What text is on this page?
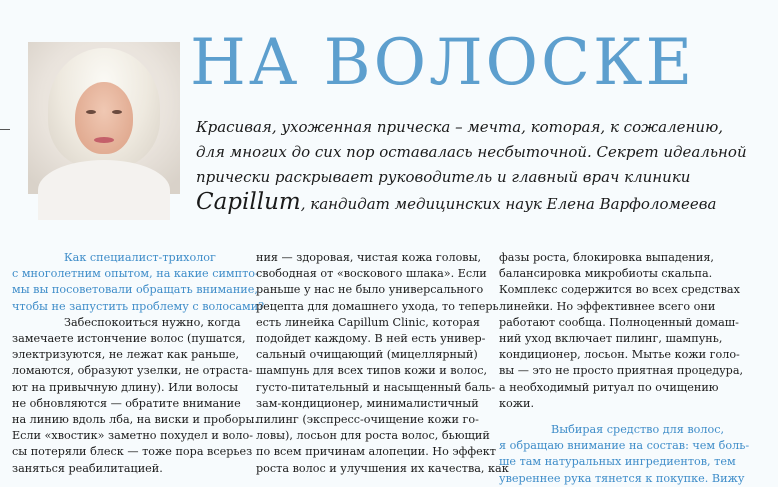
НА ВОЛОСКЕ

Красивая, ухоженная прическа – мечта, которая, к сожалению,
для многих до сих пор оставалась несбыточной. Секрет идеальной
прически раскрывает руководитель и главный врач клиники
Capillum, кандидат медицинских наук Елена Варфоломеева

Как специалист-трихолог
с многолетним опытом, на какие симпто-
мы вы посоветовали обращать внимание,
чтобы не запустить проблему с волосами?
Забеспокоиться нужно, когда
замечаете истончение волос (пушатся,
электризуются, не лежат как раньше,
ломаются, образуют узелки, не отраста-
ют на привычную длину). Или волосы
не обновляются — обратите внимание
на линию вдоль лба, на виски и проборы.
Если «хвостик» заметно похудел и воло-
сы потеряли блеск — тоже пора всерьез
заняться реабилитацией.
ния — здоровая, чистая кожа головы,
свободная от «воскового шлака». Если
раньше у нас не было универсального
рецепта для домашнего ухода, то теперь
есть линейка Capillum Clinic, которая
подойдет каждому. В ней есть универ-
сальный очищающий (мицеллярный)
шампунь для всех типов кожи и волос,
густо-питательный и насыщенный баль-
зам-кондиционер, минималистичный
пилинг (экспресс-очищение кожи го-
ловы), лосьон для роста волос, бьющий
по всем причинам алопеции. Но эффект
роста волос и улучшения их качества, как
фазы роста, блокировка выпадения,
балансировка микробиоты скальпа.
Комплекс содержится во всех средствах
линейки. Но эффективнее всего они
работают сообща. Полноценный домаш-
ний уход включает пилинг, шампунь,
кондиционер, лосьон. Мытье кожи голо-
вы — это не просто приятная процедура,
а необходимый ритуал по очищению
кожи.
Выбирая средство для волос,
я обращаю внимание на состав: чем боль-
ше там натуральных ингредиентов, тем
увереннее рука тянется к покупке. Вижу
